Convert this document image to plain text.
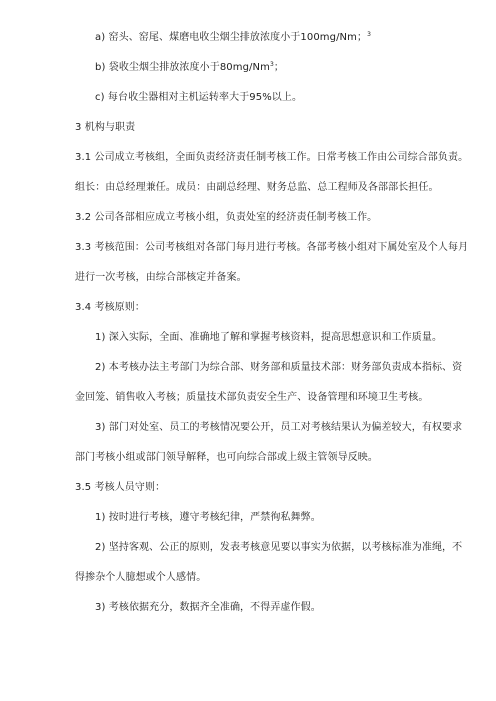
a) 窑头、窑尾、煤磨电收尘烟尘排放浓度小于100mg/Nm；$^3$
b) 袋收尘烟尘排放浓度小于80mg/Nm$^3$；
c) 每台收尘器相对主机运转率大于95%以上。
3 机构与职责
3.1 公司成立考核组，全面负责经济责任制考核工作。日常考核工作由公司综合部负责。
组长：由总经理兼任。成员：由副总经理、财务总监、总工程师及各部部长担任。
3.2 公司各部相应成立考核小组，负责处室的经济责任制考核工作。
3.3 考核范围：公司考核组对各部门每月进行考核。各部考核小组对下属处室及个人每月
进行一次考核，由综合部核定并备案。
3.4 考核原则：
1) 深入实际，全面、准确地了解和掌握考核资料，提高思想意识和工作质量。
2) 本考核办法主考部门为综合部、财务部和质量技术部：财务部负责成本指标、资
金回笼、销售收入考核；质量技术部负责安全生产、设备管理和环境卫生考核。
3) 部门对处室、员工的考核情况要公开，员工对考核结果认为偏差较大，有权要求
部门考核小组或部门领导解释，也可向综合部或上级主管领导反映。
3.5 考核人员守则：
1) 按时进行考核，遵守考核纪律，严禁徇私舞弊。
2) 坚持客观、公正的原则，发表考核意见要以事实为依据，以考核标准为准绳，不
得掺杂个人臆想或个人感情。
3) 考核依据充分，数据齐全准确，不得弄虚作假。
